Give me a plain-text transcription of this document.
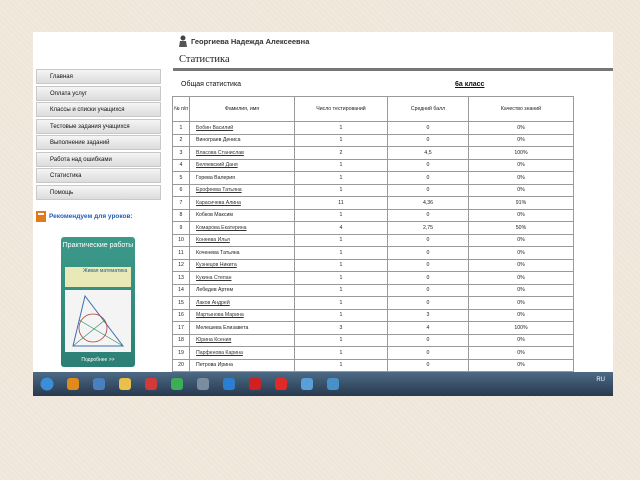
Георгиева Надежда Алексеевна
Статистика
Главная
Оплата услуг
Классы и списки учащихся
Тестовые задания учащихся
Выполнение заданий
Работа над ошибками
Статистика
Помощь
Рекомендуем для уроков:
Практические работы
Живая математика
Подробнее >>
Общая статистика	6а класс
№ п/п	Фамилия, имя	Число тестирований	Средний балл	Качество знаний
1	Бобин Василий	1	0	0%
2	Винограев Дениса	1	0	0%
3	Власова Станислав	2	4,5	100%
4	Беляевский Даня	1	0	0%
5	Горева Валерия	1	0	0%
6	Ерофеева Татьяна	1	0	0%
7	Карасичева Алина	11	4,36	91%
8	Кобков Максим	1	0	0%
9	Комарова Екатерина	4	2,75	50%
10	Конеева Илья	1	0	0%
11	Коченева Татьяна	1	0	0%
12	Кузнецов Никита	1	0	0%
13	Кукина Степан	1	0	0%
14	Лебедев Артем	1	0	0%
15	Лаков Андрей	1	0	0%
16	Мартынова Марина	1	3	0%
17	Мелешева Елизавета	3	4	100%
18	Юрина Ксения	1	0	0%
19	Парфенова Карина	1	0	0%
20	Петрова Ирина	1	0	0%
RU
